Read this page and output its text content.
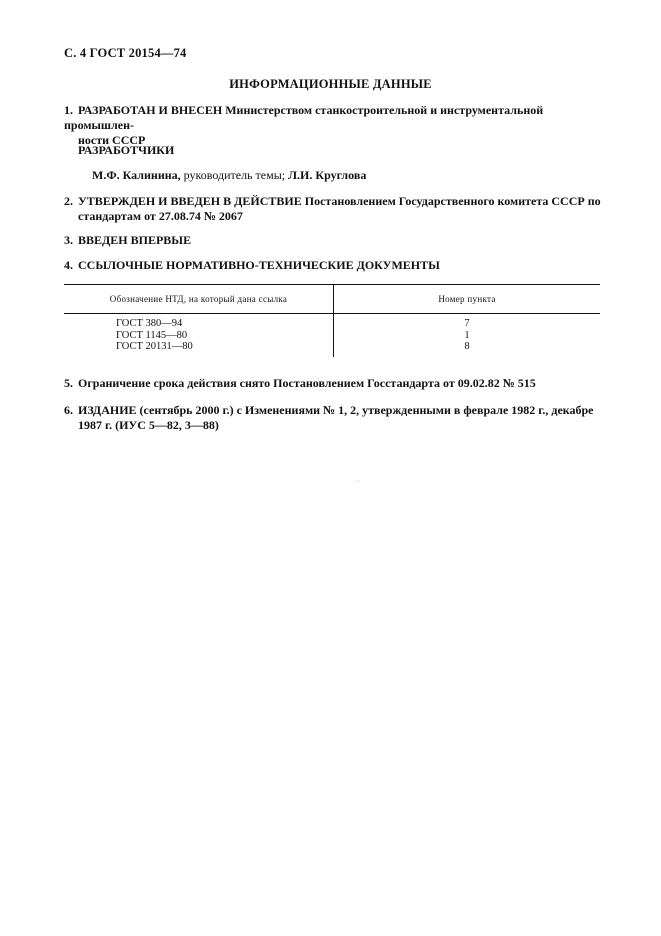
С. 4 ГОСТ 20154—74
ИНФОРМАЦИОННЫЕ ДАННЫЕ
1. РАЗРАБОТАН И ВНЕСЕН Министерством станкостроительной и инструментальной промышлен-
ности СССР
РАЗРАБОТЧИКИ
М.Ф. Калинина, руководитель темы; Л.И. Круглова
2. УТВЕРЖДЕН И ВВЕДЕН В ДЕЙСТВИЕ Постановлением Государственного комитета СССР по
стандартам от 27.08.74 № 2067
3. ВВЕДЕН ВПЕРВЫЕ
4. ССЫЛОЧНЫЕ НОРМАТИВНО-ТЕХНИЧЕСКИЕ ДОКУМЕНТЫ
Обозначение НТД, на который дана ссылка	Номер пункта
ГОСТ 380—94	7
ГОСТ 1145—80	1
ГОСТ 20131—80	8
5. Ограничение срока действия снято Постановлением Госстандарта от 09.02.82 № 515
6. ИЗДАНИЕ (сентябрь 2000 г.) с Изменениями № 1, 2, утвержденными в феврале 1982 г., декабре
1987 г. (ИУС 5—82, 3—88)
